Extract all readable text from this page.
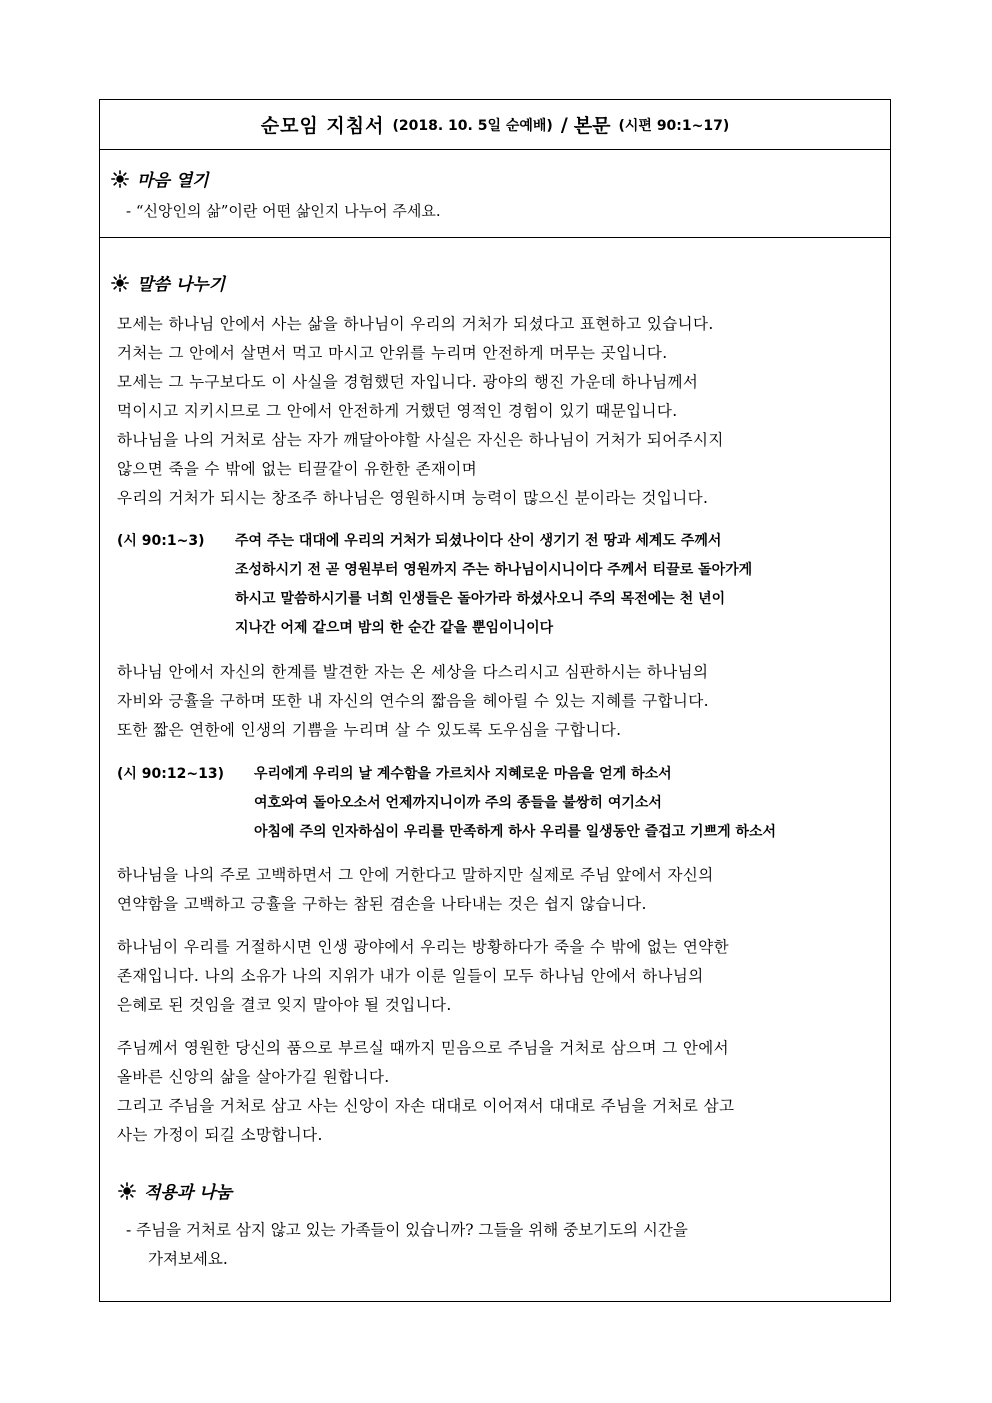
순모임 지침서 (2018. 10. 5일 순예배) / 본문 (시편 90:1~17)
마음 열기
- “신앙인의 삶”이란 어떤 삶인지 나누어 주세요.
말씀 나누기
모세는 하나님 안에서 사는 삶을 하나님이 우리의 거처가 되셨다고 표현하고 있습니다.
거처는 그 안에서 살면서 먹고 마시고 안위를 누리며 안전하게 머무는 곳입니다.
모세는 그 누구보다도 이 사실을 경험했던 자입니다. 광야의 행진 가운데 하나님께서
먹이시고 지키시므로 그 안에서 안전하게 거했던 영적인 경험이 있기 때문입니다.
하나님을 나의 거처로 삼는 자가 깨달아야할 사실은 자신은 하나님이 거처가 되어주시지
않으면 죽을 수 밖에 없는 티끌같이 유한한 존재이며
우리의 거처가 되시는 창조주 하나님은 영원하시며 능력이 많으신 분이라는 것입니다.
(시 90:1~3)	주여 주는 대대에 우리의 거처가 되셨나이다 산이 생기기 전 땅과 세계도 주께서
조성하시기 전 곧 영원부터 영원까지 주는 하나님이시니이다 주께서 티끌로 돌아가게
하시고 말씀하시기를 너희 인생들은 돌아가라 하셨사오니 주의 목전에는 천 년이
지나간 어제 같으며 밤의 한 순간 같을 뿐임이니이다
하나님 안에서 자신의 한계를 발견한 자는 온 세상을 다스리시고 심판하시는 하나님의
자비와 긍휼을 구하며 또한 내 자신의 연수의 짧음을 헤아릴 수 있는 지혜를 구합니다.
또한 짧은 연한에 인생의 기쁨을 누리며 살 수 있도록 도우심을 구합니다.
(시 90:12~13)	우리에게 우리의 날 계수함을 가르치사 지혜로운 마음을 얻게 하소서
여호와여 돌아오소서 언제까지니이까 주의 종들을 불쌍히 여기소서
아침에 주의 인자하심이 우리를 만족하게 하사 우리를 일생동안 즐겁고 기쁘게 하소서
하나님을 나의 주로 고백하면서 그 안에 거한다고 말하지만 실제로 주님 앞에서 자신의
연약함을 고백하고 긍휼을 구하는 참된 겸손을 나타내는 것은 쉽지 않습니다.
하나님이 우리를 거절하시면 인생 광야에서 우리는 방황하다가 죽을 수 밖에 없는 연약한
존재입니다. 나의 소유가 나의 지위가 내가 이룬 일들이 모두 하나님 안에서 하나님의
은혜로 된 것임을 결코 잊지 말아야 될 것입니다.
주님께서 영원한 당신의 품으로 부르실 때까지 믿음으로 주님을 거처로 삼으며 그 안에서
올바른 신앙의 삶을 살아가길 원합니다.
그리고 주님을 거처로 삼고 사는 신앙이 자손 대대로 이어져서 대대로 주님을 거처로 삼고
사는 가정이 되길 소망합니다.
적용과 나눔
- 주님을 거처로 삼지 않고 있는 가족들이 있습니까? 그들을 위해 중보기도의 시간을
가져보세요.
